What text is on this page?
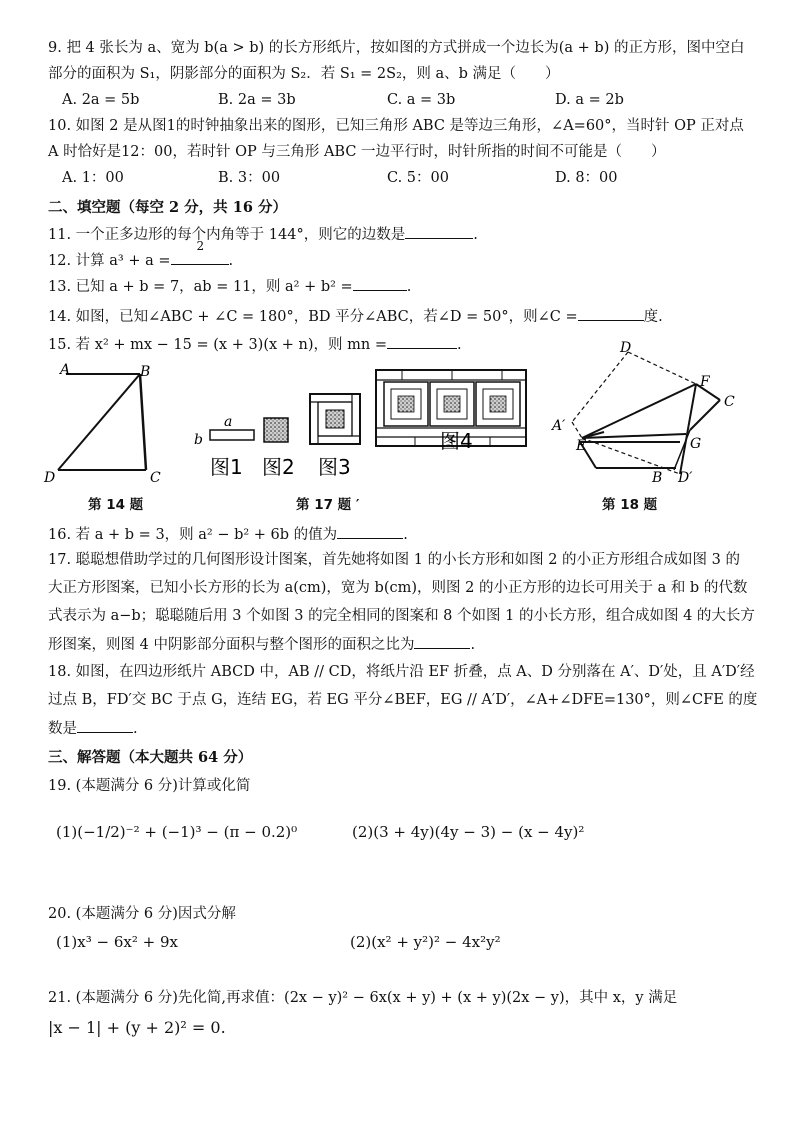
9. 把 4 张长为 a、宽为 b(a > b) 的长方形纸片，按如图的方式拼成一个边长为(a + b) 的正方形，图中空白
部分的面积为 S₁，阴影部分的面积为 S₂．若 S₁ = 2S₂，则 a、b 满足（　　）
A. 2a = 5b	B. 2a = 3b	C. a = 3b	D. a = 2b
10. 如图 2 是从图1的时钟抽象出来的图形，已知三角形 ABC 是等边三角形，∠A=60°，当时针 OP 正对点
A 时恰好是12：00，若时针 OP 与三角形 ABC 一边平行时，时针所指的时间不可能是（　　）
A. 1：00	B. 3：00	C. 5：00	D. 8：00
二、填空题（每空 2 分，共 16 分）
11. 一个正多边形的每个内角等于 144°，则它的边数是	.
12. 计算 a³ + a =
2
.
13. 已知 a + b = 7，ab = 11，则 a² + b² =	.
14. 如图，已知∠ABC + ∠C = 180°，BD 平分∠ABC，若∠D = 50°，则∠C =	度.
15. 若 x² + mx − 15 = (x + 3)(x + n)，则 mn =	.
A	B
C
D
第 14 题
a
b
图1 图2 图3
图4
第 17 题 ′
D
F
C
A′
E	G
B D′
第 18 题
16. 若 a + b = 3，则 a² − b² + 6b 的值为	.
17. 聪聪想借助学过的几何图形设计图案，首先她将如图 1 的小长方形和如图 2 的小正方形组合成如图 3 的
大正方形图案，已知小长方形的长为 a(cm)，宽为 b(cm)，则图 2 的小正方形的边长可用关于 a 和 b 的代数
式表示为 a−b；聪聪随后用 3 个如图 3 的完全相同的图案和 8 个如图 1 的小长方形，组合成如图 4 的大长方
形图案，则图 4 中阴影部分面积与整个图形的面积之比为	.
18. 如图，在四边形纸片 ABCD 中，AB // CD，将纸片沿 EF 折叠，点 A、D 分别落在 A′、D′处，且 A′D′经
过点 B，FD′交 BC 于点 G，连结 EG，若 EG 平分∠BEF，EG // A′D′，∠A+∠DFE=130°，则∠CFE 的度
数是	.
三、解答题（本大题共 64 分）
19. (本题满分 6 分)计算或化简
(1)(−1/2)⁻² + (−1)³ − (π − 0.2)⁰	(2)(3 + 4y)(4y − 3) − (x − 4y)²
20. (本题满分 6 分)因式分解
(1)x³ − 6x² + 9x	(2)(x² + y²)² − 4x²y²
21. (本题满分 6 分)先化简,再求值：(2x − y)² − 6x(x + y) + (x + y)(2x − y)，其中 x，y 满足
|x − 1| + (y + 2)² = 0.
